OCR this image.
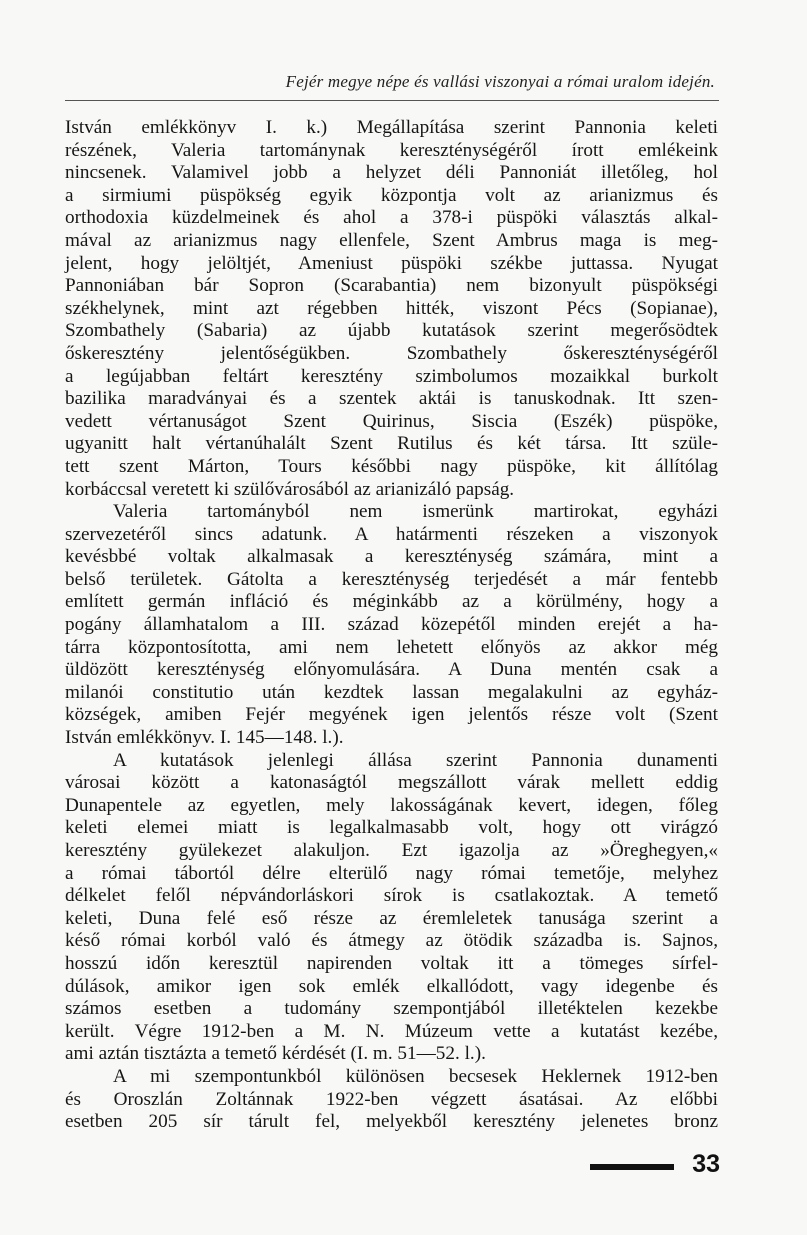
Fejér megye népe és vallási viszonyai a római uralom idején.
István emlékkönyv I. k.) Megállapítása szerint Pannonia keleti
részének, Valeria tartománynak kereszténységéről írott emlékeink
nincsenek. Valamivel jobb a helyzet déli Pannoniát illetőleg, hol
a sirmiumi püspökség egyik központja volt az arianizmus és
orthodoxia küzdelmeinek és ahol a 378-i püspöki választás alkal-
mával az arianizmus nagy ellenfele, Szent Ambrus maga is meg-
jelent, hogy jelöltjét, Ameniust püspöki székbe juttassa. Nyugat
Pannoniában bár Sopron (Scarabantia) nem bizonyult püspökségi
székhelynek, mint azt régebben hitték, viszont Pécs (Sopianae),
Szombathely (Sabaria) az újabb kutatások szerint megerősödtek
őskeresztény jelentőségükben. Szombathely őskereszténységéről
a legújabban feltárt keresztény szimbolumos mozaikkal burkolt
bazilika maradványai és a szentek aktái is tanuskodnak. Itt szen-
vedett vértanuságot Szent Quirinus, Siscia (Eszék) püspöke,
ugyanitt halt vértanúhalált Szent Rutilus és két társa. Itt szüle-
tett szent Márton, Tours későbbi nagy püspöke, kit állítólag
korbáccsal veretett ki szülővárosából az arianizáló papság.
Valeria tartományból nem ismerünk martirokat, egyházi
szervezetéről sincs adatunk. A határmenti részeken a viszonyok
kevésbbé voltak alkalmasak a kereszténység számára, mint a
belső területek. Gátolta a kereszténység terjedését a már fentebb
említett germán infláció és méginkább az a körülmény, hogy a
pogány államhatalom a III. század közepétől minden erejét a ha-
tárra központosította, ami nem lehetett előnyös az akkor még
üldözött kereszténység előnyomulására. A Duna mentén csak a
milanói constitutio után kezdtek lassan megalakulni az egyház-
községek, amiben Fejér megyének igen jelentős része volt (Szent
István emlékkönyv. I. 145—148. l.).
A kutatások jelenlegi állása szerint Pannonia dunamenti
városai között a katonaságtól megszállott várak mellett eddig
Dunapentele az egyetlen, mely lakosságának kevert, idegen, főleg
keleti elemei miatt is legalkalmasabb volt, hogy ott virágzó
keresztény gyülekezet alakuljon. Ezt igazolja az »Öreghegyen,«
a római tábortól délre elterülő nagy római temetője, melyhez
délkelet felől népvándorláskori sírok is csatlakoztak. A temető
keleti, Duna felé eső része az éremleletek tanusága szerint a
késő római korból való és átmegy az ötödik századba is. Sajnos,
hosszú időn keresztül napirenden voltak itt a tömeges sírfel-
dúlások, amikor igen sok emlék elkallódott, vagy idegenbe és
számos esetben a tudomány szempontjából illetéktelen kezekbe
került. Végre 1912-ben a M. N. Múzeum vette a kutatást kezébe,
ami aztán tisztázta a temető kérdését (I. m. 51—52. l.).
A mi szempontunkból különösen becsesek Heklernek 1912-ben
és Oroszlán Zoltánnak 1922-ben végzett ásatásai. Az előbbi
esetben 205 sír tárult fel, melyekből keresztény jelenetes bronz
33
